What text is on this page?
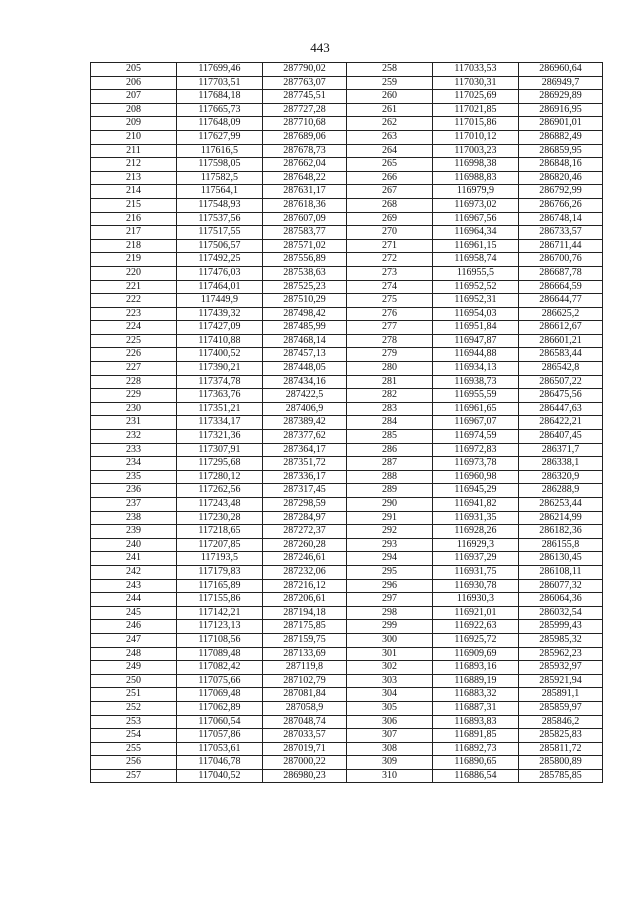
443
205	117699,46	287790,02	258	117033,53	286960,64
206	117703,51	287763,07	259	117030,31	286949,7
207	117684,18	287745,51	260	117025,69	286929,89
208	117665,73	287727,28	261	117021,85	286916,95
209	117648,09	287710,68	262	117015,86	286901,01
210	117627,99	287689,06	263	117010,12	286882,49
211	117616,5	287678,73	264	117003,23	286859,95
212	117598,05	287662,04	265	116998,38	286848,16
213	117582,5	287648,22	266	116988,83	286820,46
214	117564,1	287631,17	267	116979,9	286792,99
215	117548,93	287618,36	268	116973,02	286766,26
216	117537,56	287607,09	269	116967,56	286748,14
217	117517,55	287583,77	270	116964,34	286733,57
218	117506,57	287571,02	271	116961,15	286711,44
219	117492,25	287556,89	272	116958,74	286700,76
220	117476,03	287538,63	273	116955,5	286687,78
221	117464,01	287525,23	274	116952,52	286664,59
222	117449,9	287510,29	275	116952,31	286644,77
223	117439,32	287498,42	276	116954,03	286625,2
224	117427,09	287485,99	277	116951,84	286612,67
225	117410,88	287468,14	278	116947,87	286601,21
226	117400,52	287457,13	279	116944,88	286583,44
227	117390,21	287448,05	280	116934,13	286542,8
228	117374,78	287434,16	281	116938,73	286507,22
229	117363,76	287422,5	282	116955,59	286475,56
230	117351,21	287406,9	283	116961,65	286447,63
231	117334,17	287389,42	284	116967,07	286422,21
232	117321,36	287377,62	285	116974,59	286407,45
233	117307,91	287364,17	286	116972,83	286371,7
234	117295,68	287351,72	287	116973,78	286338,1
235	117280,12	287336,17	288	116960,98	286320,9
236	117262,56	287317,45	289	116945,29	286288,9
237	117243,48	287298,59	290	116941,82	286253,44
238	117230,28	287284,97	291	116931,35	286214,99
239	117218,65	287272,37	292	116928,26	286182,36
240	117207,85	287260,28	293	116929,3	286155,8
241	117193,5	287246,61	294	116937,29	286130,45
242	117179,83	287232,06	295	116931,75	286108,11
243	117165,89	287216,12	296	116930,78	286077,32
244	117155,86	287206,61	297	116930,3	286064,36
245	117142,21	287194,18	298	116921,01	286032,54
246	117123,13	287175,85	299	116922,63	285999,43
247	117108,56	287159,75	300	116925,72	285985,32
248	117089,48	287133,69	301	116909,69	285962,23
249	117082,42	287119,8	302	116893,16	285932,97
250	117075,66	287102,79	303	116889,19	285921,94
251	117069,48	287081,84	304	116883,32	285891,1
252	117062,89	287058,9	305	116887,31	285859,97
253	117060,54	287048,74	306	116893,83	285846,2
254	117057,86	287033,57	307	116891,85	285825,83
255	117053,61	287019,71	308	116892,73	285811,72
256	117046,78	287000,22	309	116890,65	285800,89
257	117040,52	286980,23	310	116886,54	285785,85
